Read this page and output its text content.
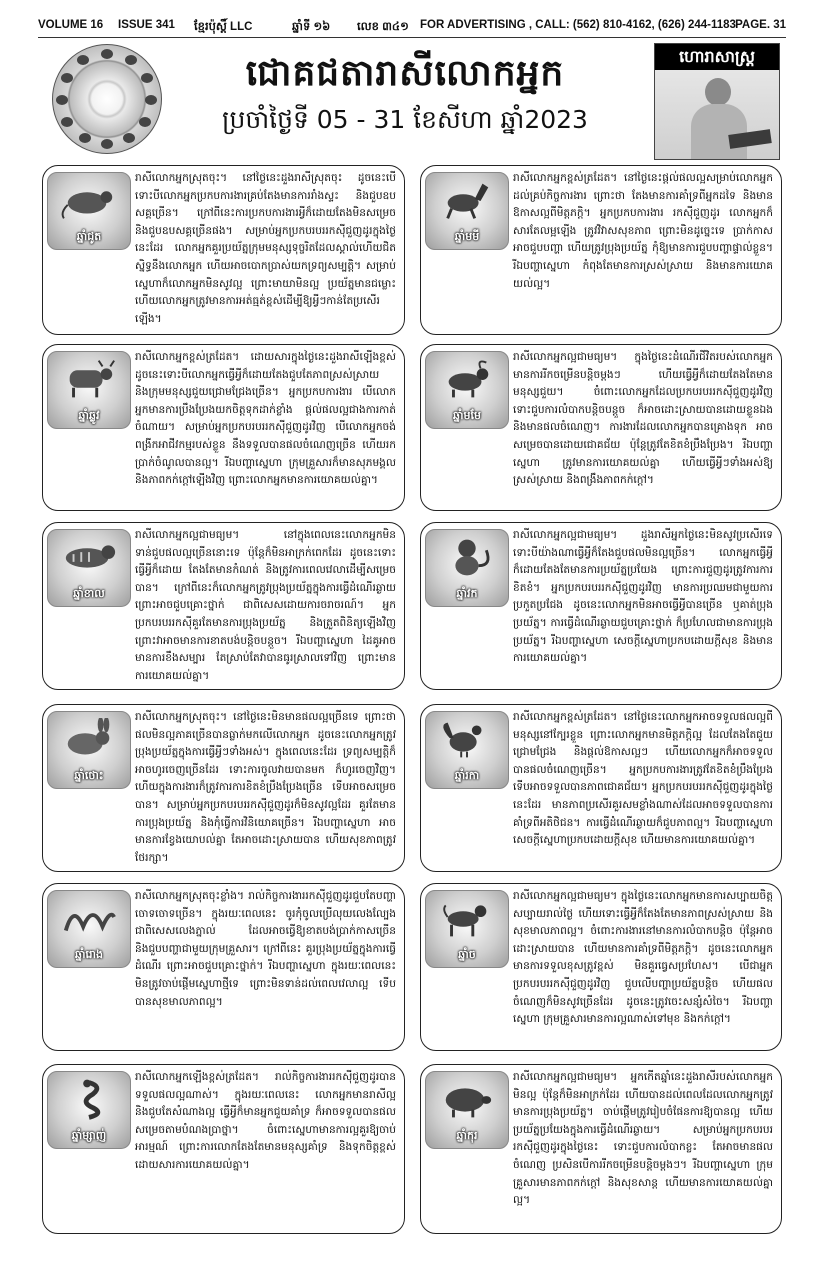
VOLUME 16 ISSUE 341 ខ្មែរប៉ុស្តិ៍ LLC	ឆ្នាំទី ១៦ លេខ ៣៤១ FOR ADVERTISING , CALL: (562) 810-4162, (626) 244-1183 PAGE. 31
ជោគជតារាសីលោកអ្នក
ប្រចាំថ្ងៃទី 05 - 31 ខែសីហា ឆ្នាំ2023
ហោរាសាស្ត្រ
ឆ្នាំជូត
រាសីលោកអ្នកស្រុតចុះ។ នៅថ្ងៃនេះដួងរាសីស្រុតចុះ ដូចនេះបើទោះបីលោកអ្នកប្រកបការងារគ្រប់តែងមានការរាំងស្ទះ និងជួបឧបសគ្គច្រើន។ ក្រៅពីនេះការប្រកបការងារអ្វីក៏ដោយតែងមិនសម្រេច និងជួបឧបសគ្គច្រើនផង។ សម្រាប់អ្នកប្រកបរបររកស៊ីជួញដូរក្នុងថ្ងៃនេះដែរ លោកអ្នកគួរប្រយ័ត្នក្រុមមនុស្សទុច្ចរិតដែលស្គាល់ហើយជិតស្និទ្ធនឹងលោកអ្នក ហើយអាចបោកប្រាស់យកទ្រព្យសម្បត្តិ។ សម្រាប់ស្នេហាក៏លោកអ្នកមិនសូវល្អ ព្រោះមាយាមិនល្អ ប្រយ័ត្នមានជម្លោះ ហើយលោកអ្នកត្រូវមានការអត់ធ្មត់ខ្ពស់ដើម្បីឱ្យអ្វីៗកាន់តែប្រសើរឡើង។
ឆ្នាំឆ្លូវ
រាសីលោកអ្នកខ្ពស់ត្រដែត។ ដោយសារក្នុងថ្ងៃនេះដួងរាសីឡើងខ្ពស់ ដូចនេះទោះបីលោកអ្នកធ្វើអ្វីក៏ដោយតែងជួបតែភាពស្រស់ស្រាយ និងក្រុមមនុស្សជួយជ្រោមជ្រែងច្រើន។ អ្នកប្រកបការងារ បើលោកអ្នកមានការប្រឹងប្រែងយកចិត្តទុកដាក់ខ្លាំង ផ្តល់ផលល្អជាងការកាត់ចំណាយ។ សម្រាប់អ្នកប្រកបរបររកស៊ីជួញដូរវិញ បើលោកអ្នកចង់ពង្រីកអាជីវកម្មរបស់ខ្លួន នឹងទទួលបានផលចំណេញច្រើន ហើយរកប្រាក់ចំណូលបានល្អ។ រីឯបញ្ហាស្នេហា ក្រុមគ្រួសារក៏មានសុភមង្គលនិងភាពកក់ក្តៅឡើងវិញ ព្រោះលោកអ្នកមានការយោគយល់គ្នា។
ឆ្នាំខាល
រាសីលោកអ្នកល្អជាមធ្យម។ នៅក្នុងពេលនេះលោកអ្នកមិនទាន់ជួបផលល្អច្រើននោះទេ ប៉ុន្តែក៏មិនអាក្រក់ពេកដែរ ដូចនេះទោះធ្វើអ្វីក៏ដោយ តែងតែមានកំណត់ និងត្រូវការពេលវេលាដើម្បីសម្រេចបាន។ ក្រៅពីនេះក៏លោកអ្នកត្រូវប្រុងប្រយ័ត្នក្នុងការធ្វើដំណើរឆ្ងាយ ព្រោះអាចជួបគ្រោះថ្នាក់ ជាពិសេសដោយការចរាចរណ៍។ អ្នកប្រកបរបររកស៊ីគួរតែមានការប្រុងប្រយ័ត្ន និងត្រួតពិនិត្យឡើងវិញ ព្រោះវាអាចមានការខាតបង់បន្តិចបន្តួច។ រីឯបញ្ហាស្នេហា ដៃគូអាចមានការខឹងសម្បារ តែស្រាប់តែវាបានធូរស្រាលទៅវិញ ព្រោះមានការយោគយល់គ្នា។
ឆ្នាំថោះ
រាសីលោកអ្នកស្រុតចុះ។ នៅថ្ងៃនេះមិនមានផលល្អច្រើនទេ ព្រោះថា ផលមិនល្អភាគច្រើនបានធ្លាក់មកលើលោកអ្នក ដូចនេះលោកអ្នកត្រូវប្រុងប្រយ័ត្នក្នុងការធ្វើអ្វីៗទាំងអស់។ ក្នុងពេលនេះដែរ ទ្រព្យសម្បត្តិក៏អាចហូរចេញច្រើនដែរ ទោះការចូលវាយបានមក ក៏ហូរចេញវិញ។ ហើយក្នុងការងារក៏ត្រូវការការខិតខំប្រឹងប្រែងច្រើន ទើបអាចសម្រេចបាន។ សម្រាប់អ្នកប្រកបរបររកស៊ីជួញដូរក៏មិនសូវល្អដែរ គួរតែមានការប្រុងប្រយ័ត្ន និងកុំធ្វើការវិនិយោគច្រើន។ រីឯបញ្ហាស្នេហា អាចមានការខ្វែងយោបល់គ្នា តែអាចដោះស្រាយបាន ហើយសុខភាពត្រូវថែរក្សា។
ឆ្នាំរោង
រាសីលោកអ្នកស្រុតចុះខ្លាំង។ រាល់កិច្ចការងាររកស៊ីជួញដូរជួបតែបញ្ហាចោទចោទច្រើន។ ក្នុងរយៈពេលនេះ ចូរកុំចូលប្រើលុយលេងល្បែង ជាពិសេសលេងភ្នាល់ ដែលអាចធ្វើឱ្យខាតបង់ប្រាក់កាសច្រើន និងជួបបញ្ហាជាមួយក្រុមគ្រួសារ។ ក្រៅពីនេះ គួរប្រុងប្រយ័ត្នក្នុងការធ្វើដំណើរ ព្រោះអាចជួបគ្រោះថ្នាក់។ រីឯបញ្ហាស្នេហា ក្នុងរយៈពេលនេះមិនត្រូវចាប់ផ្តើមស្នេហាថ្មីទេ ព្រោះមិនទាន់ដល់ពេលវេលាល្អ ទើបបានសុខមាលភាពល្អ។
ឆ្នាំម្សាញ់
រាសីលោកអ្នកឡើងខ្ពស់ត្រដែត។ រាល់កិច្ចការងាររកស៊ីជួញដូរបានទទួលផលល្អណាស់។ ក្នុងរយៈពេលនេះ លោកអ្នកមានរាសីល្អ និងជួបតែសំណាងល្អ ធ្វើអ្វីក៏មានអ្នកជួយគាំទ្រ ក៏អាចទទួលបានផលសម្រេចតាមបំណងប្រាថ្នា។ ចំពោះស្នេហាមានការល្អគួរឱ្យចាប់អារម្មណ៍ ព្រោះការលោកតែងតែមានមនុស្សគាំទ្រ និងទុកចិត្តខ្ពស់ ដោយសារការយោគយល់គ្នា។
ឆ្នាំមមី
រាសីលោកអ្នកខ្ពស់ត្រដែត។ នៅថ្ងៃនេះផ្តល់ផលល្អសម្រាប់លោកអ្នកដល់គ្រប់កិច្ចការងារ ព្រោះថា តែងមានការគាំទ្រពីអ្នកដទៃ និងមានឱកាសល្អពីមិត្តភក្តិ។ អ្នកប្រកបការងារ រកស៊ីជួញដូរ លោកអ្នកក៏សារតែលម្អឡើង ត្រូវវិវាសសុខភាព ព្រោះមិនដូច្នេះទេ ប្រាក់កាសអាចជួបបញ្ហា ហើយត្រូវប្រុងប្រយ័ត្ន កុំឱ្យមានការជួបបញ្ហាផ្ទាល់ខ្លួន។ រីឯបញ្ហាស្នេហា កំពុងតែមានការស្រស់ស្រាយ និងមានការយោគយល់ល្អ។
ឆ្នាំមមែ
រាសីលោកអ្នកល្អជាមធ្យម។ ក្នុងថ្ងៃនេះដំណើរជីវិតរបស់លោកអ្នកមានការរីកចម្រើនបន្តិចម្តងៗ ហើយធ្វើអ្វីក៏ដោយតែងតែមានមនុស្សជួយ។ ចំពោះលោកអ្នកដែលប្រកបរបររកស៊ីជួញដូរវិញ ទោះជួបការលំបាកបន្តិចបន្តួច ក៏អាចដោះស្រាយបានដោយខ្លួនឯង និងមានផលចំណេញ។ ការងារដែលលោកអ្នកបានគ្រោងទុក អាចសម្រេចបានដោយជោគជ័យ ប៉ុន្តែត្រូវតែខិតខំប្រឹងប្រែង។ រីឯបញ្ហាស្នេហា ត្រូវមានការយោគយល់គ្នា ហើយធ្វើអ្វីៗទាំងអស់ឱ្យស្រស់ស្រាយ និងពង្រឹងភាពកក់ក្តៅ។
ឆ្នាំវក
រាសីលោកអ្នកល្អជាមធ្យម។ ដួងរាសីអ្នកថ្ងៃនេះមិនសូវប្រសើរទេ ទោះបីយ៉ាងណាធ្វើអ្វីក៏តែងជួបផលមិនល្អច្រើន។ លោកអ្នកធ្វើអ្វីក៏ដោយតែងតែមានការប្រយ័ត្នប្រយែង ព្រោះការជួញដូរត្រូវការការខិតខំ។ អ្នកប្រកបរបររកស៊ីជួញដូរវិញ មានការប្រឈមជាមួយការប្រកួតប្រជែង ដូចនេះលោកអ្នកមិនអាចធ្វើអ្វីបានច្រើន ឬគាត់ប្រុងប្រយ័ត្ន។ ការធ្វើដំណើរឆ្ងាយជួបគ្រោះថ្នាក់ ក៏ប្រហែលជាមានការប្រុងប្រយ័ត្ន។ រីឯបញ្ហាស្នេហា សេចក្តីស្នេហាប្រកបដោយក្តីសុខ និងមានការយោគយល់គ្នា។
ឆ្នាំរកា
រាសីលោកអ្នកខ្ពស់ត្រដែត។ នៅថ្ងៃនេះលោកអ្នកអាចទទួលផលល្អពីមនុស្សនៅក្បែរខ្លួន ព្រោះលោកអ្នកមានមិត្តភក្តិល្អ ដែលតែងតែជួយជ្រោមជ្រែង និងផ្តល់ឱកាសល្អៗ ហើយលោកអ្នកក៏អាចទទួលបានផលចំណេញច្រើន។ អ្នកប្រកបការងារត្រូវតែខិតខំប្រឹងប្រែង ទើបអាចទទួលបានភាពជោគជ័យ។ អ្នកប្រកបរបររកស៊ីជួញដូរក្នុងថ្ងៃនេះដែរ មានភាពប្រសើរគួរសមខ្លាំងណាស់ដែលអាចទទួលបានការគាំទ្រពីអតិថិជន។ ការធ្វើដំណើរឆ្ងាយក៏ជួបភាពល្អ។ រីឯបញ្ហាស្នេហា សេចក្តីស្នេហាប្រកបដោយក្តីសុខ ហើយមានការយោគយល់គ្នា។
ឆ្នាំច
រាសីលោកអ្នកល្អជាមធ្យម។ ក្នុងថ្ងៃនេះលោកអ្នកមានការសប្បាយចិត្ត សប្បាយរាល់ថ្ងៃ ហើយទោះធ្វើអ្វីក៏តែងតែមានភាពស្រស់ស្រាយ និងសុខមាលភាពល្អ។ ចំពោះការងារនៅមានការលំបាកបន្តិច ប៉ុន្តែអាចដោះស្រាយបាន ហើយមានការគាំទ្រពីមិត្តភក្តិ។ ដូចនេះលោកអ្នកមានការទទួលខុសត្រូវខ្ពស់ មិនគួរធ្វេសប្រហែស។ បើជាអ្នកប្រកបរបររកស៊ីជួញដូរវិញ ជួបលើបញ្ហាប្រយ័ត្នបន្តិច ហើយផលចំណេញក៏មិនសូវច្រើនដែរ ដូចនេះត្រូវចេះសន្សំសំចៃ។ រីឯបញ្ហាស្នេហា ក្រុមគ្រួសារមានការល្អណាស់ទៅមុខ និងកក់ក្តៅ។
ឆ្នាំកុរ
រាសីលោកអ្នកល្អជាមធ្យម។ អ្នកកើតឆ្នាំនេះដួងរាសីរបស់លោកអ្នកមិនល្អ ប៉ុន្តែក៏មិនអាក្រក់ដែរ ហើយបានដល់ពេលដែលលោកអ្នកត្រូវមានការប្រុងប្រយ័ត្ន។ ចាប់ផ្តើមត្រូវរៀបចំផែនការឱ្យបានល្អ ហើយប្រយ័ត្នប្រយែងក្នុងការធ្វើដំណើរឆ្ងាយ។ សម្រាប់អ្នកប្រកបរបររកស៊ីជួញដូរក្នុងថ្ងៃនេះ ទោះជួបការលំបាកខ្លះ តែអាចមានផលចំណេញ ប្រសិនបើការរីកចម្រើនបន្តិចម្តងៗ។ រីឯបញ្ហាស្នេហា ក្រុមគ្រួសារមានភាពកក់ក្តៅ និងសុខសាន្ត ហើយមានការយោគយល់គ្នាល្អ។
